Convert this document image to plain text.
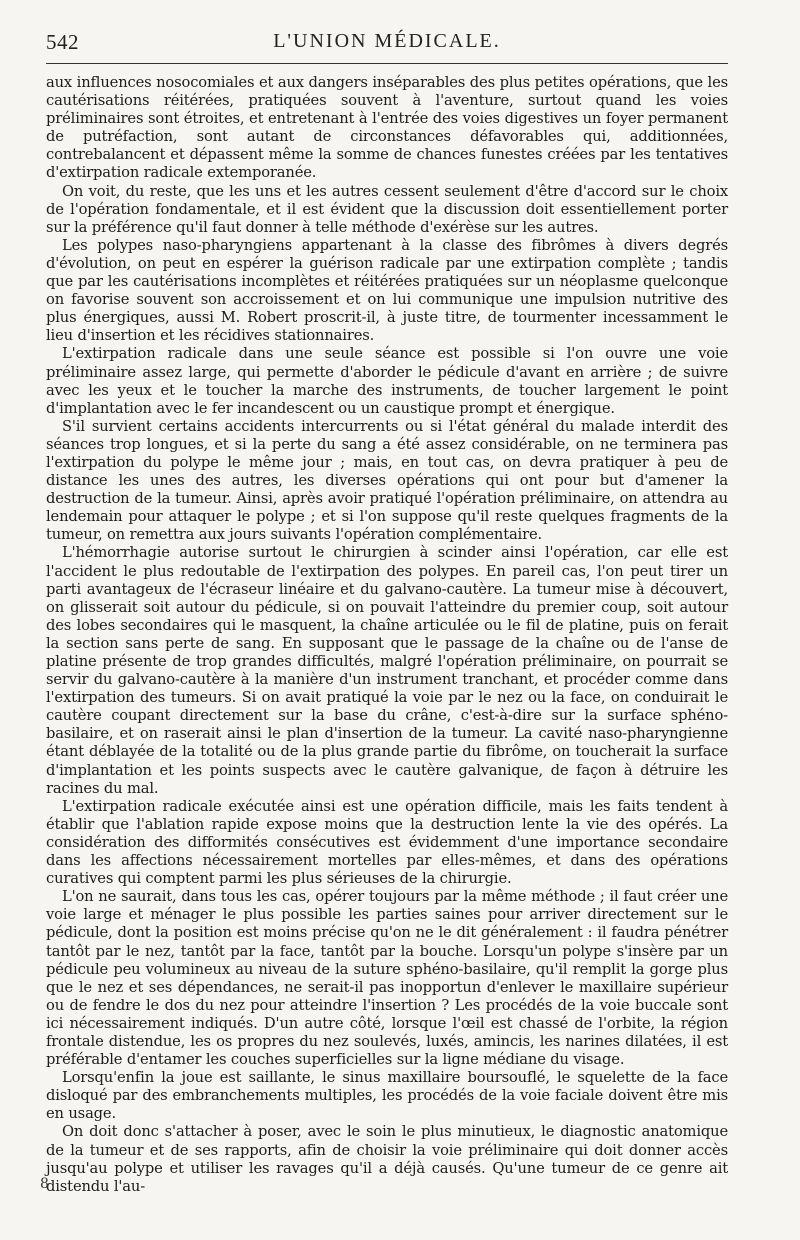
542	L'UNION MÉDICALE.

aux influences nosocomiales et aux dangers inséparables des plus petites opérations, que les cautérisations réitérées, pratiquées souvent à l'aventure, surtout quand les voies préliminaires sont étroites, et entretenant à l'entrée des voies digestives un foyer permanent de putréfaction, sont autant de circonstances défavorables qui, additionnées, contrebalancent et dépassent même la somme de chances funestes créées par les tentatives d'extirpation radicale extemporanée.

On voit, du reste, que les uns et les autres cessent seulement d'être d'accord sur le choix de l'opération fondamentale, et il est évident que la discussion doit essentiellement porter sur la préférence qu'il faut donner à telle méthode d'exérèse sur les autres.

Les polypes naso-pharyngiens appartenant à la classe des fibrômes à divers degrés d'évolution, on peut en espérer la guérison radicale par une extirpation complète ; tandis que par les cautérisations incomplètes et réitérées pratiquées sur un néoplasme quelconque on favorise souvent son accroissement et on lui communique une impulsion nutritive des plus énergiques, aussi M. Robert proscrit-il, à juste titre, de tourmenter incessamment le lieu d'insertion et les récidives stationnaires.

L'extirpation radicale dans une seule séance est possible si l'on ouvre une voie préliminaire assez large, qui permette d'aborder le pédicule d'avant en arrière ; de suivre avec les yeux et le toucher la marche des instruments, de toucher largement le point d'implantation avec le fer incandescent ou un caustique prompt et énergique.

S'il survient certains accidents intercurrents ou si l'état général du malade interdit des séances trop longues, et si la perte du sang a été assez considérable, on ne terminera pas l'extirpation du polype le même jour ; mais, en tout cas, on devra pratiquer à peu de distance les unes des autres, les diverses opérations qui ont pour but d'amener la destruction de la tumeur. Ainsi, après avoir pratiqué l'opération préliminaire, on attendra au lendemain pour attaquer le polype ; et si l'on suppose qu'il reste quelques fragments de la tumeur, on remettra aux jours suivants l'opération complémentaire.

L'hémorrhagie autorise surtout le chirurgien à scinder ainsi l'opération, car elle est l'accident le plus redoutable de l'extirpation des polypes. En pareil cas, l'on peut tirer un parti avantageux de l'écraseur linéaire et du galvano-cautère. La tumeur mise à découvert, on glisserait soit autour du pédicule, si on pouvait l'atteindre du premier coup, soit autour des lobes secondaires qui le masquent, la chaîne articulée ou le fil de platine, puis on ferait la section sans perte de sang. En supposant que le passage de la chaîne ou de l'anse de platine présente de trop grandes difficultés, malgré l'opération préliminaire, on pourrait se servir du galvano-cautère à la manière d'un instrument tranchant, et procéder comme dans l'extirpation des tumeurs. Si on avait pratiqué la voie par le nez ou la face, on conduirait le cautère coupant directement sur la base du crâne, c'est-à-dire sur la surface sphéno-basilaire, et on raserait ainsi le plan d'insertion de la tumeur. La cavité naso-pharyngienne étant déblayée de la totalité ou de la plus grande partie du fibrôme, on toucherait la surface d'implantation et les points suspects avec le cautère galvanique, de façon à détruire les racines du mal.

L'extirpation radicale exécutée ainsi est une opération difficile, mais les faits tendent à établir que l'ablation rapide expose moins que la destruction lente la vie des opérés. La considération des difformités consécutives est évidemment d'une importance secondaire dans les affections nécessairement mortelles par elles-mêmes, et dans des opérations curatives qui comptent parmi les plus sérieuses de la chirurgie.

L'on ne saurait, dans tous les cas, opérer toujours par la même méthode ; il faut créer une voie large et ménager le plus possible les parties saines pour arriver directement sur le pédicule, dont la position est moins précise qu'on ne le dit généralement : il faudra pénétrer tantôt par le nez, tantôt par la face, tantôt par la bouche. Lorsqu'un polype s'insère par un pédicule peu volumineux au niveau de la suture sphéno-basilaire, qu'il remplit la gorge plus que le nez et ses dépendances, ne serait-il pas inopportun d'enlever le maxillaire supérieur ou de fendre le dos du nez pour atteindre l'insertion ? Les procédés de la voie buccale sont ici nécessairement indiqués. D'un autre côté, lorsque l'œil est chassé de l'orbite, la région frontale distendue, les os propres du nez soulevés, luxés, amincis, les narines dilatées, il est préférable d'entamer les couches superficielles sur la ligne médiane du visage.

Lorsqu'enfin la joue est saillante, le sinus maxillaire boursouflé, le squelette de la face disloqué par des embranchements multiples, les procédés de la voie faciale doivent être mis en usage.

On doit donc s'attacher à poser, avec le soin le plus minutieux, le diagnostic anatomique de la tumeur et de ses rapports, afin de choisir la voie préliminaire qui doit donner accès jusqu'au polype et utiliser les ravages qu'il a déjà causés. Qu'une tumeur de ce genre ait distendu l'au-

8
